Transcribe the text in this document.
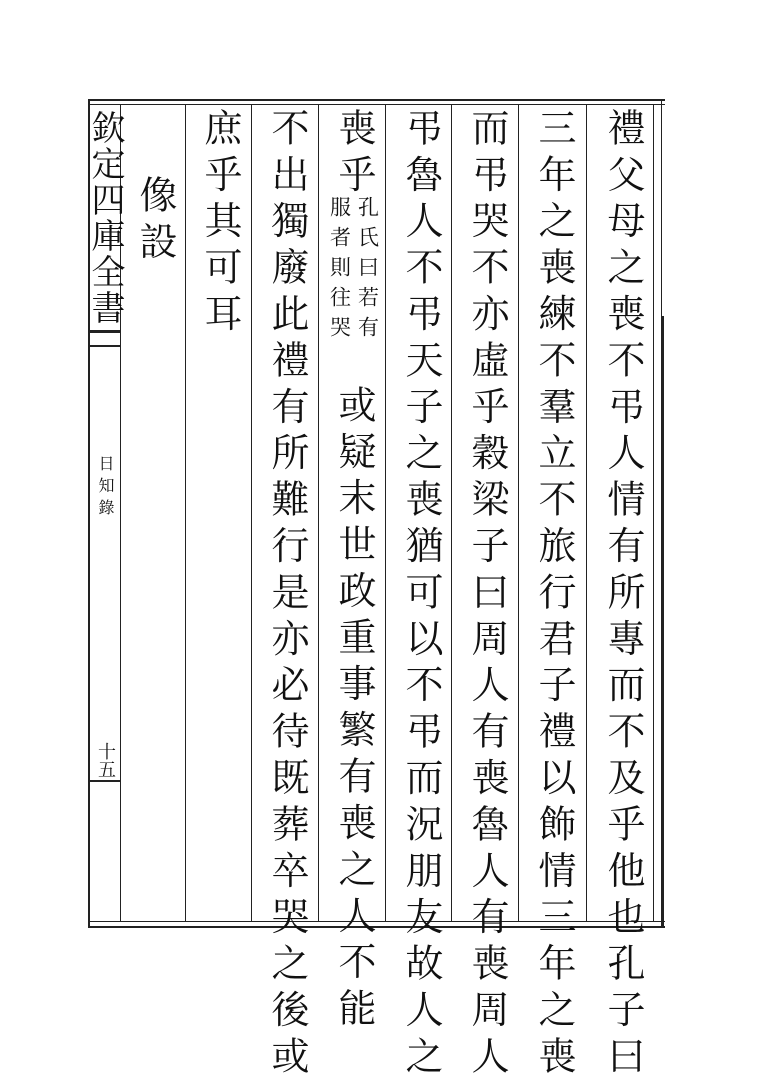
欽定四庫全書
日知錄
十五	禮父母之喪不弔人情有所專而不及乎他也孔子曰
三年之喪練不羣立不旅行君子禮以飾情三年之喪
而弔哭不亦虛乎穀梁子曰周人有喪魯人有喪周人
弔魯人不弔天子之喪猶可以不弔而況朋友故人之
喪乎
孔氏曰若有
服者則往哭
或疑末世政重事繁有喪之人不能
不出獨廢此禮有所難行是亦必待既葬卒哭之後或
庶乎其可耳
像設
